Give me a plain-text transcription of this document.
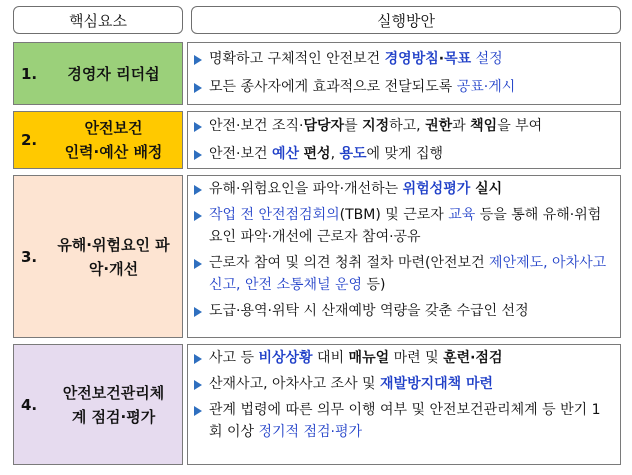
핵심요소	실행방안
1.	경영자 리더쉽
명확하고 구체적인 안전보건 경영방침·목표 설정
모든 종사자에게 효과적으로 전달되도록 공표·게시
2.
안전보건
인력·예산 배정
안전·보건 조직·담당자를 지정하고, 권한과 책임을 부여
안전·보건 예산 편성, 용도에 맞게 집행
3.
유해·위험요인 파
악·개선
유해·위험요인을 파악·개선하는 위험성평가 실시
작업 전 안전점검회의(TBM) 및 근로자 교육 등을 통해 유해·위험요인 파악·개선에 근로자 참여·공유
근로자 참여 및 의견 청취 절차 마련(안전보건 제안제도, 아차사고 신고, 안전 소통채널 운영 등)
도급·용역·위탁 시 산재예방 역량을 갖춘 수급인 선정
4.
안전보건관리체
계 점검·평가
사고 등 비상상황 대비 매뉴얼 마련 및 훈련·점검
산재사고, 아차사고 조사 및 재발방지대책 마련
관계 법령에 따른 의무 이행 여부 및 안전보건관리체계 등 반기 1회 이상 정기적 점검·평가
